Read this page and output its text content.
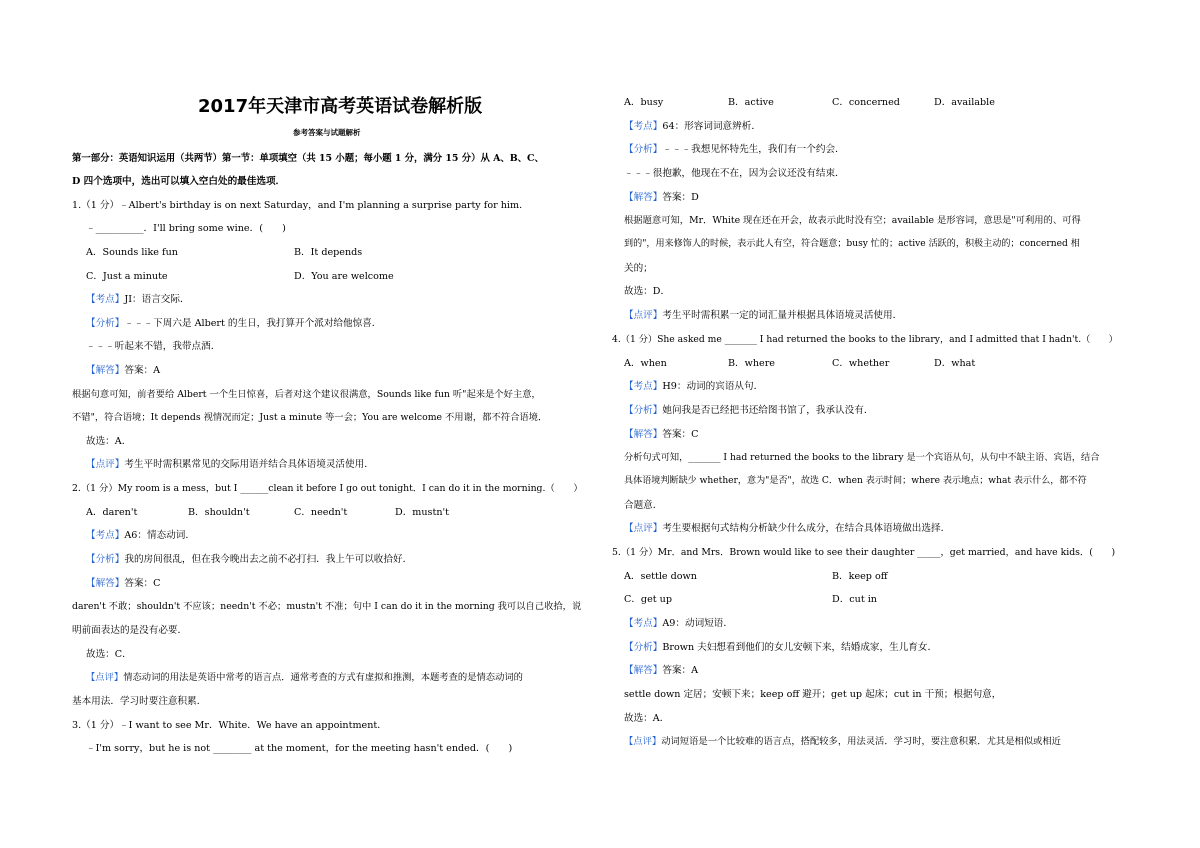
2017年天津市高考英语试卷解析版
参考答案与试题解析
第一部分：英语知识运用（共两节）第一节：单项填空（共 15 小题；每小题 1 分，满分 15 分）从 A、B、C、
D 四个选项中，选出可以填入空白处的最佳选项．
1.（1 分）﹣Albert's birthday is on next Saturday，and I'm planning a surprise party for him.
﹣__________．I'll bring some wine．(　　)
A．Sounds like fun	B．It depends
C．Just a minute	D．You are welcome
【考点】JI：语言交际．
【分析】﹣﹣﹣下周六是 Albert 的生日，我打算开个派对给他惊喜．
﹣﹣﹣听起来不错，我带点酒．
【解答】答案：A
根据句意可知，前者要给 Albert 一个生日惊喜，后者对这个建议很满意，Sounds like fun 听"起来是个好主意，
不错"，符合语境；It depends 视情况而定；Just a minute 等一会；You are welcome 不用谢，都不符合语境．
故选：A．
【点评】考生平时需积累常见的交际用语并结合具体语境灵活使用．
2.（1 分）My room is a mess，but I ______clean it before I go out tonight．I can do it in the morning.（　　）
A．daren't	B．shouldn't	C．needn't	D．mustn't
【考点】A6：情态动词．
【分析】我的房间很乱，但在我今晚出去之前不必打扫．我上午可以收拾好．
【解答】答案：C
daren't 不敢；shouldn't 不应该；needn't 不必；mustn't 不准；句中 I can do it in the morning 我可以自己收拾，说
明前面表达的是没有必要．
故选：C．
【点评】情态动词的用法是英语中常考的语言点．通常考查的方式有虚拟和推测，本题考查的是情态动词的
基本用法．学习时要注意积累．
3.（1 分）﹣I want to see Mr．White．We have an appointment．
﹣I'm sorry，but he is not ________ at the moment，for the meeting hasn't ended．(　　)
A．busy	B．active	C．concerned	D．available
【考点】64：形容词词意辨析．
【分析】﹣﹣﹣我想见怀特先生，我们有一个约会．
﹣﹣﹣很抱歉，他现在不在，因为会议还没有结束．
【解答】答案：D
根据题意可知，Mr．White 现在还在开会，故表示此时没有空；available 是形容词，意思是"可利用的、可得
到的"，用来修饰人的时候，表示此人有空，符合题意；busy 忙的；active 活跃的，积极主动的；concerned 相
关的；
故选：D．
【点评】考生平时需积累一定的词汇量并根据具体语境灵活使用．
4.（1 分）She asked me _______ I had returned the books to the library，and I admitted that I hadn't.（　　）
A．when	B．where	C．whether	D．what
【考点】H9：动词的宾语从句．
【分析】她问我是否已经把书还给图书馆了，我承认没有．
【解答】答案：C
分析句式可知，_______ I had returned the books to the library 是一个宾语从句，从句中不缺主语、宾语，结合
具体语境判断缺少 whether，意为"是否"，故选 C．when 表示时间；where 表示地点；what 表示什么，都不符
合题意．
【点评】考生要根据句式结构分析缺少什么成分，在结合具体语境做出选择．
5.（1 分）Mr．and Mrs．Brown would like to see their daughter _____，get married，and have kids．(　　)
A．settle down	B．keep off
C．get up	D．cut in
【考点】A9：动词短语．
【分析】Brown 夫妇想看到他们的女儿安顿下来，结婚成家，生儿育女．
【解答】答案：A
settle down 定居；安顿下来；keep off 避开；get up 起床；cut in 干预；根据句意，
故选：A．
【点评】动词短语是一个比较难的语言点，搭配较多，用法灵活．学习时，要注意积累．尤其是相似或相近
